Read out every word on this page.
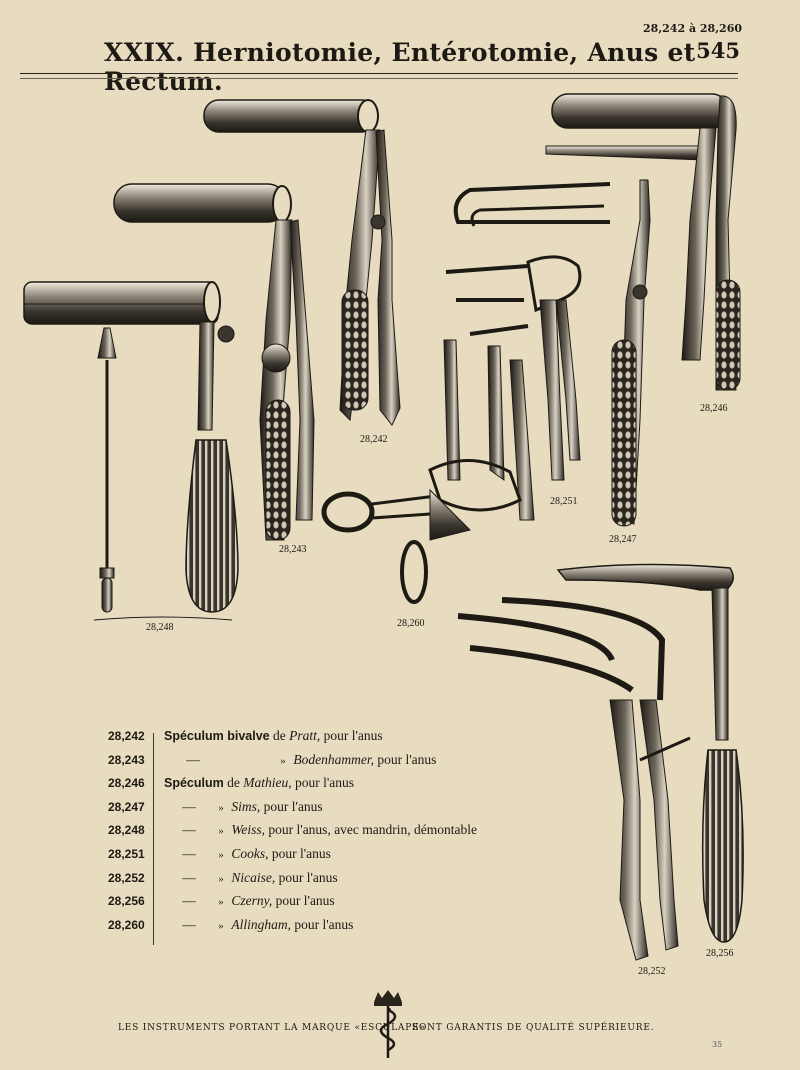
28,242 à 28,260
XXIX. Herniotomie, Entérotomie, Anus et Rectum.
545
28,242
28,243
28,246
28,247
28,248
28,251
28,252
28,256
28,260
28,242	Spéculum bivalve de Pratt, pour l'anus
28,243	—	» Bodenhammer, pour l'anus
28,246	Spéculum de Mathieu, pour l'anus
28,247	— » Sims, pour l'anus
28,248	— » Weiss, pour l'anus, avec mandrin, démontable
28,251	— » Cooks, pour l'anus
28,252	— » Nicaise, pour l'anus
28,256	— » Czerny, pour l'anus
28,260	— » Allingham, pour l'anus
LES INSTRUMENTS PORTANT LA MARQUE «ESCULAPE»
SONT GARANTIS DE QUALITÉ SUPÉRIEURE.
35
